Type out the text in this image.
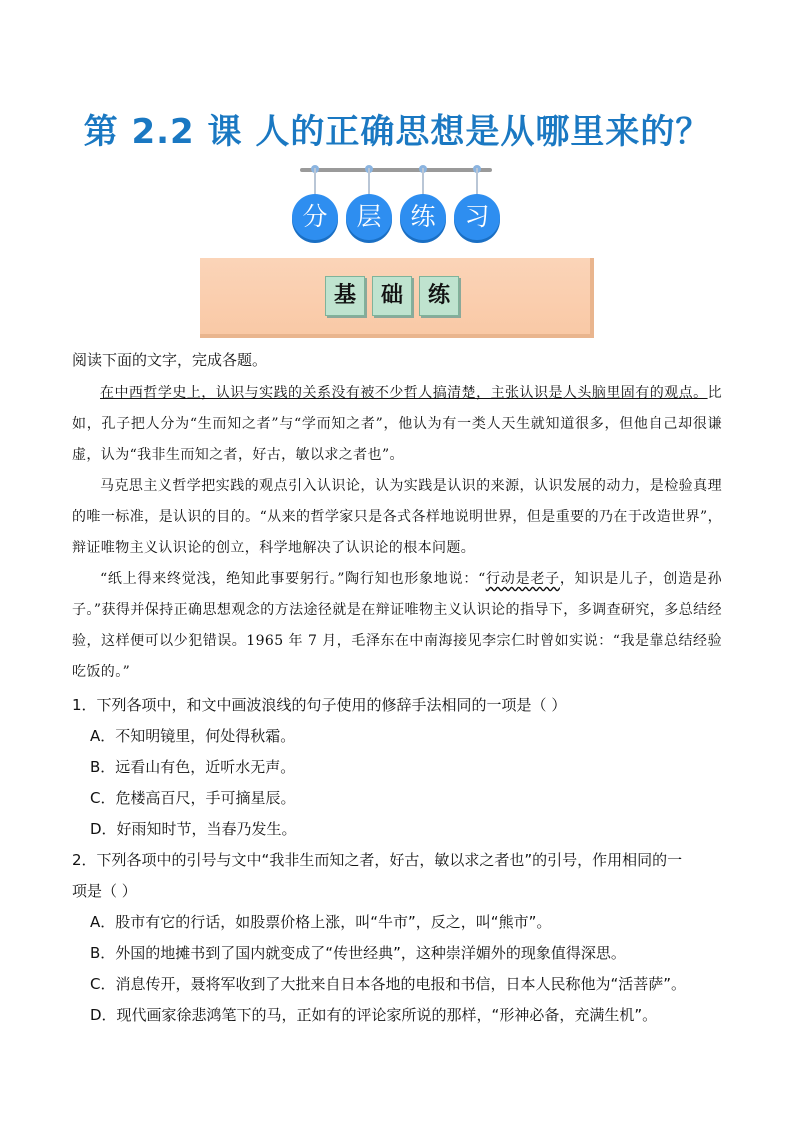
第 2.2 课 人的正确思想是从哪里来的？
分	层	练	习
基	础	练
阅读下面的文字，完成各题。

在中西哲学史上，认识与实践的关系没有被不少哲人搞清楚，主张认识是人头脑里固有的观点。比如，孔子把人分为“生而知之者”与“学而知之者”，他认为有一类人天生就知道很多，但他自己却很谦虚，认为“我非生而知之者，好古，敏以求之者也”。

马克思主义哲学把实践的观点引入认识论，认为实践是认识的来源，认识发展的动力，是检验真理的唯一标准，是认识的目的。“从来的哲学家只是各式各样地说明世界，但是重要的乃在于改造世界”，辩证唯物主义认识论的创立，科学地解决了认识论的根本问题。

“纸上得来终觉浅，绝知此事要躬行。”陶行知也形象地说：“行动是老子，知识是儿子，创造是孙子。”获得并保持正确思想观念的方法途径就是在辩证唯物主义认识论的指导下，多调查研究，多总结经验，这样便可以少犯错误。1965 年 7 月，毛泽东在中南海接见李宗仁时曾如实说：“我是靠总结经验吃饭的。”

1．下列各项中，和文中画波浪线的句子使用的修辞手法相同的一项是（ ）

A．不知明镜里，何处得秋霜。

B．远看山有色，近听水无声。

C．危楼高百尺，手可摘星辰。

D．好雨知时节，当春乃发生。

2．下列各项中的引号与文中“我非生而知之者，好古，敏以求之者也”的引号，作用相同的一

项是（ ）

A．股市有它的行话，如股票价格上涨，叫“牛市”，反之，叫“熊市”。

B．外国的地摊书到了国内就变成了“传世经典”，这种崇洋媚外的现象值得深思。

C．消息传开，聂将军收到了大批来自日本各地的电报和书信，日本人民称他为“活菩萨”。

D．现代画家徐悲鸿笔下的马，正如有的评论家所说的那样，“形神必备，充满生机”。
